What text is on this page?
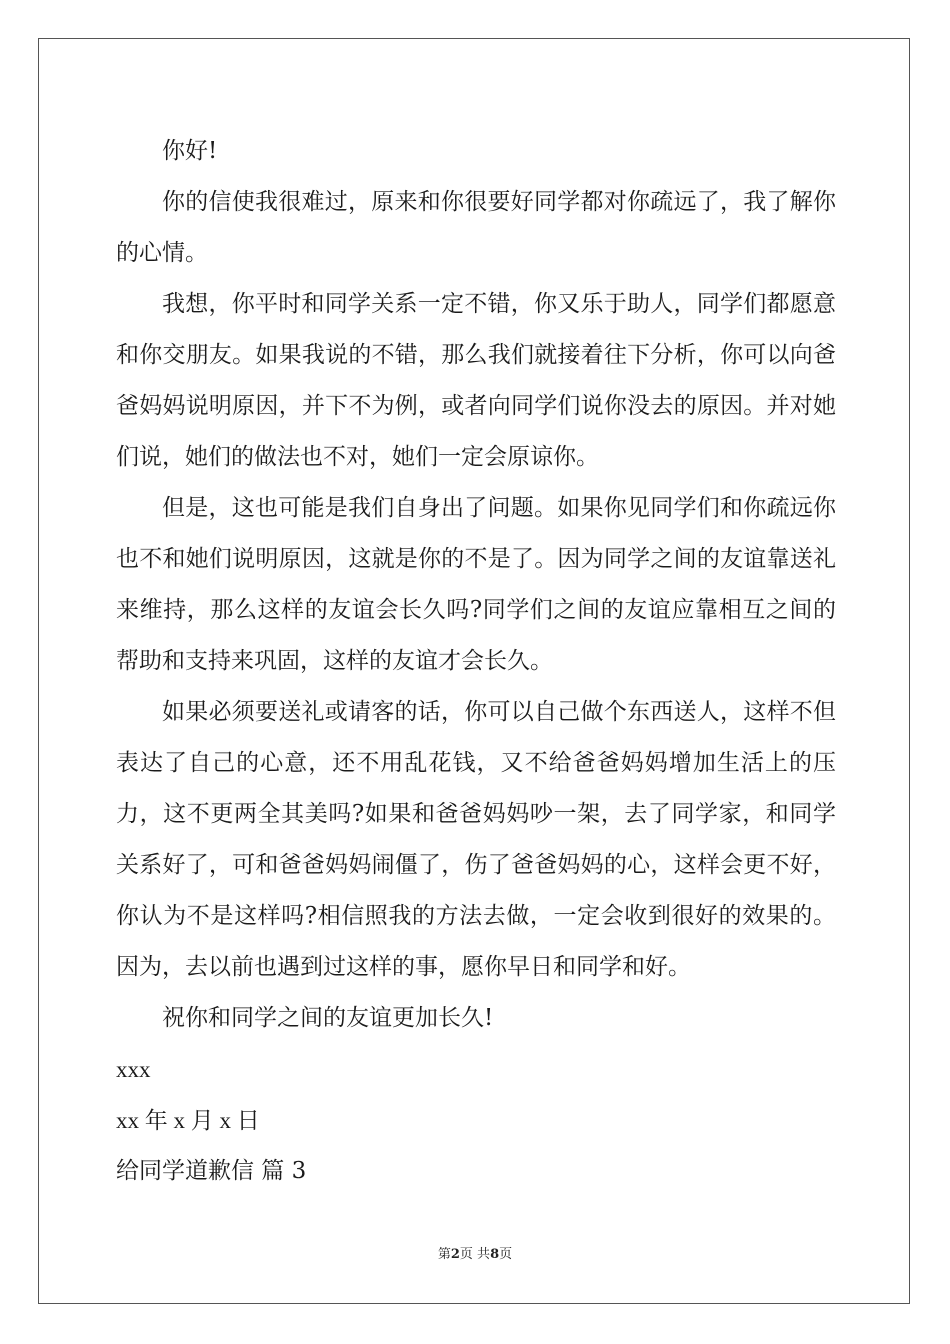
你好!

你的信使我很难过，原来和你很要好同学都对你疏远了，我了解你的心情。

我想，你平时和同学关系一定不错，你又乐于助人，同学们都愿意和你交朋友。如果我说的不错，那么我们就接着往下分析，你可以向爸爸妈妈说明原因，并下不为例，或者向同学们说你没去的原因。并对她们说，她们的做法也不对，她们一定会原谅你。

但是，这也可能是我们自身出了问题。如果你见同学们和你疏远你也不和她们说明原因，这就是你的不是了。因为同学之间的友谊靠送礼来维持，那么这样的友谊会长久吗?同学们之间的友谊应靠相互之间的帮助和支持来巩固，这样的友谊才会长久。

如果必须要送礼或请客的话，你可以自己做个东西送人，这样不但表达了自己的心意，还不用乱花钱，又不给爸爸妈妈增加生活上的压力，这不更两全其美吗?如果和爸爸妈妈吵一架，去了同学家，和同学关系好了，可和爸爸妈妈闹僵了，伤了爸爸妈妈的心，这样会更不好，你认为不是这样吗?相信照我的方法去做，一定会收到很好的效果的。因为，去以前也遇到过这样的事，愿你早日和同学和好。

祝你和同学之间的友谊更加长久!

xxx

xx 年 x 月 x 日

给同学道歉信 篇 3

第2页 共8页
